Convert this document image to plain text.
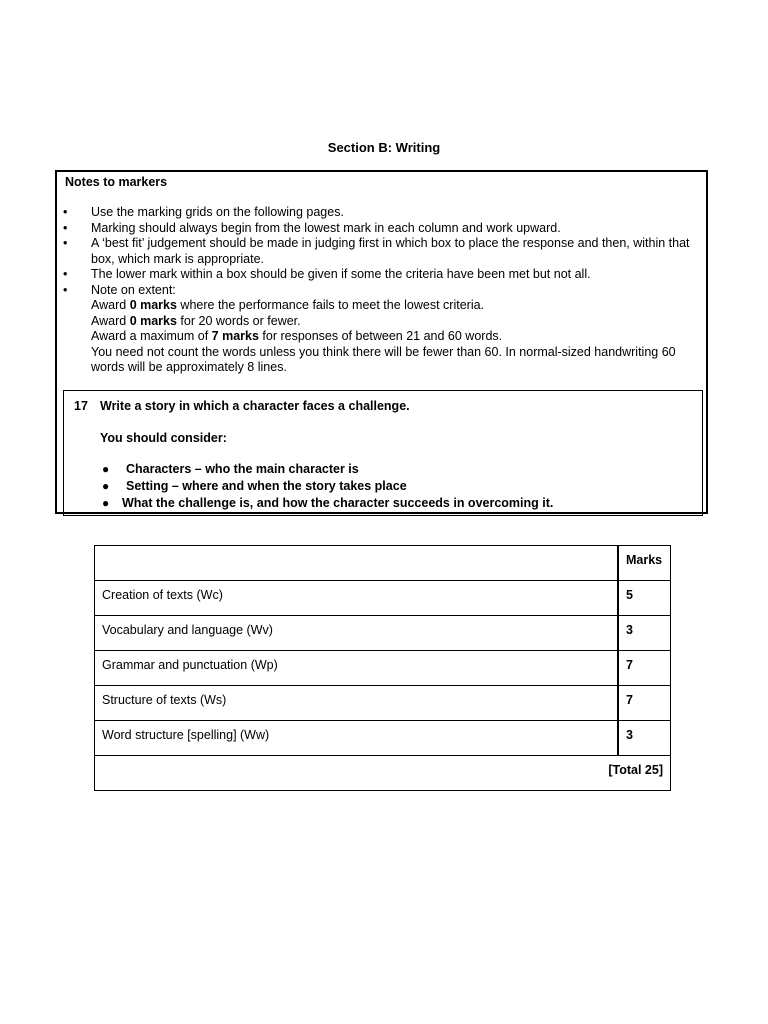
Section B: Writing
Notes to markers
• Use the marking grids on the following pages.
• Marking should always begin from the lowest mark in each column and work upward.
• A ‘best fit’ judgement should be made in judging first in which box to place the response and then, within that box, which mark is appropriate.
• The lower mark within a box should be given if some the criteria have been met but not all.
• Note on extent:
Award 0 marks where the performance fails to meet the lowest criteria.
Award 0 marks for 20 words or fewer.
Award a maximum of 7 marks for responses of between 21 and 60 words.
You need not count the words unless you think there will be fewer than 60. In normal-sized handwriting 60 words will be approximately 8 lines.
17 Write a story in which a character faces a challenge.
You should consider:
● Characters – who the main character is
● Setting – where and when the story takes place
● What the challenge is, and how the character succeeds in overcoming it.

	Marks

Creation of texts (Wc)	5

Vocabulary and language (Wv)	3

Grammar and punctuation (Wp)	7

Structure of texts (Ws)	7

Word structure [spelling] (Ww)	3

[Total 25]	
